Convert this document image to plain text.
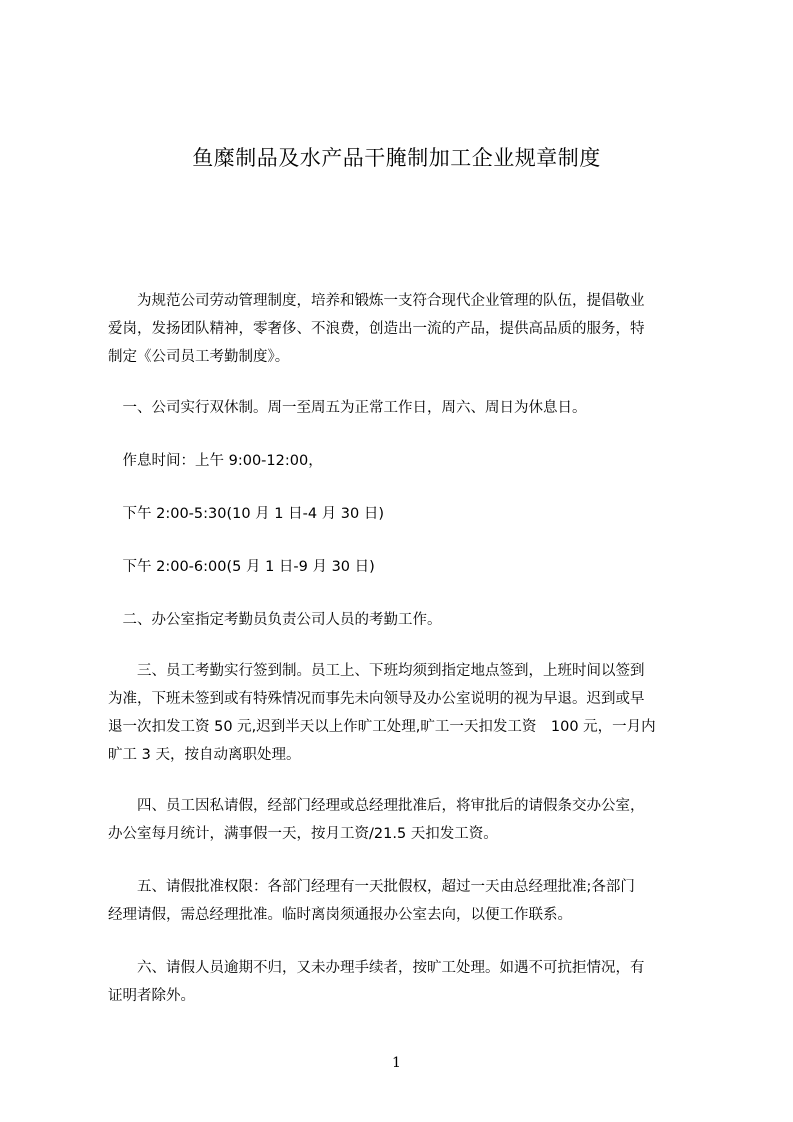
鱼糜制品及水产品干腌制加工企业规章制度
　　为规范公司劳动管理制度，培养和锻炼一支符合现代企业管理的队伍，提倡敬业
爱岗，发扬团队精神，零奢侈、不浪费，创造出一流的产品，提供高品质的服务，特
制定《公司员工考勤制度》。
　一、公司实行双休制。周一至周五为正常工作日，周六、周日为休息日。
　作息时间：上午 9:00-12:00，
　下午 2:00-5:30(10 月 1 日-4 月 30 日)
　下午 2:00-6:00(5 月 1 日-9 月 30 日)
　二、办公室指定考勤员负责公司人员的考勤工作。
　　三、员工考勤实行签到制。员工上、下班均须到指定地点签到，上班时间以签到
为准，下班未签到或有特殊情况而事先未向领导及办公室说明的视为早退。迟到或早
退一次扣发工资 50 元,迟到半天以上作旷工处理,旷工一天扣发工资　100 元，一月内
旷工 3 天，按自动离职处理。
　　四、员工因私请假，经部门经理或总经理批准后，将审批后的请假条交办公室，
办公室每月统计，满事假一天，按月工资/21.5 天扣发工资。
　　五、请假批准权限：各部门经理有一天批假权，超过一天由总经理批准;各部门
经理请假，需总经理批准。临时离岗须通报办公室去向，以便工作联系。
　　六、请假人员逾期不归，又未办理手续者，按旷工处理。如遇不可抗拒情况，有
证明者除外。
1
